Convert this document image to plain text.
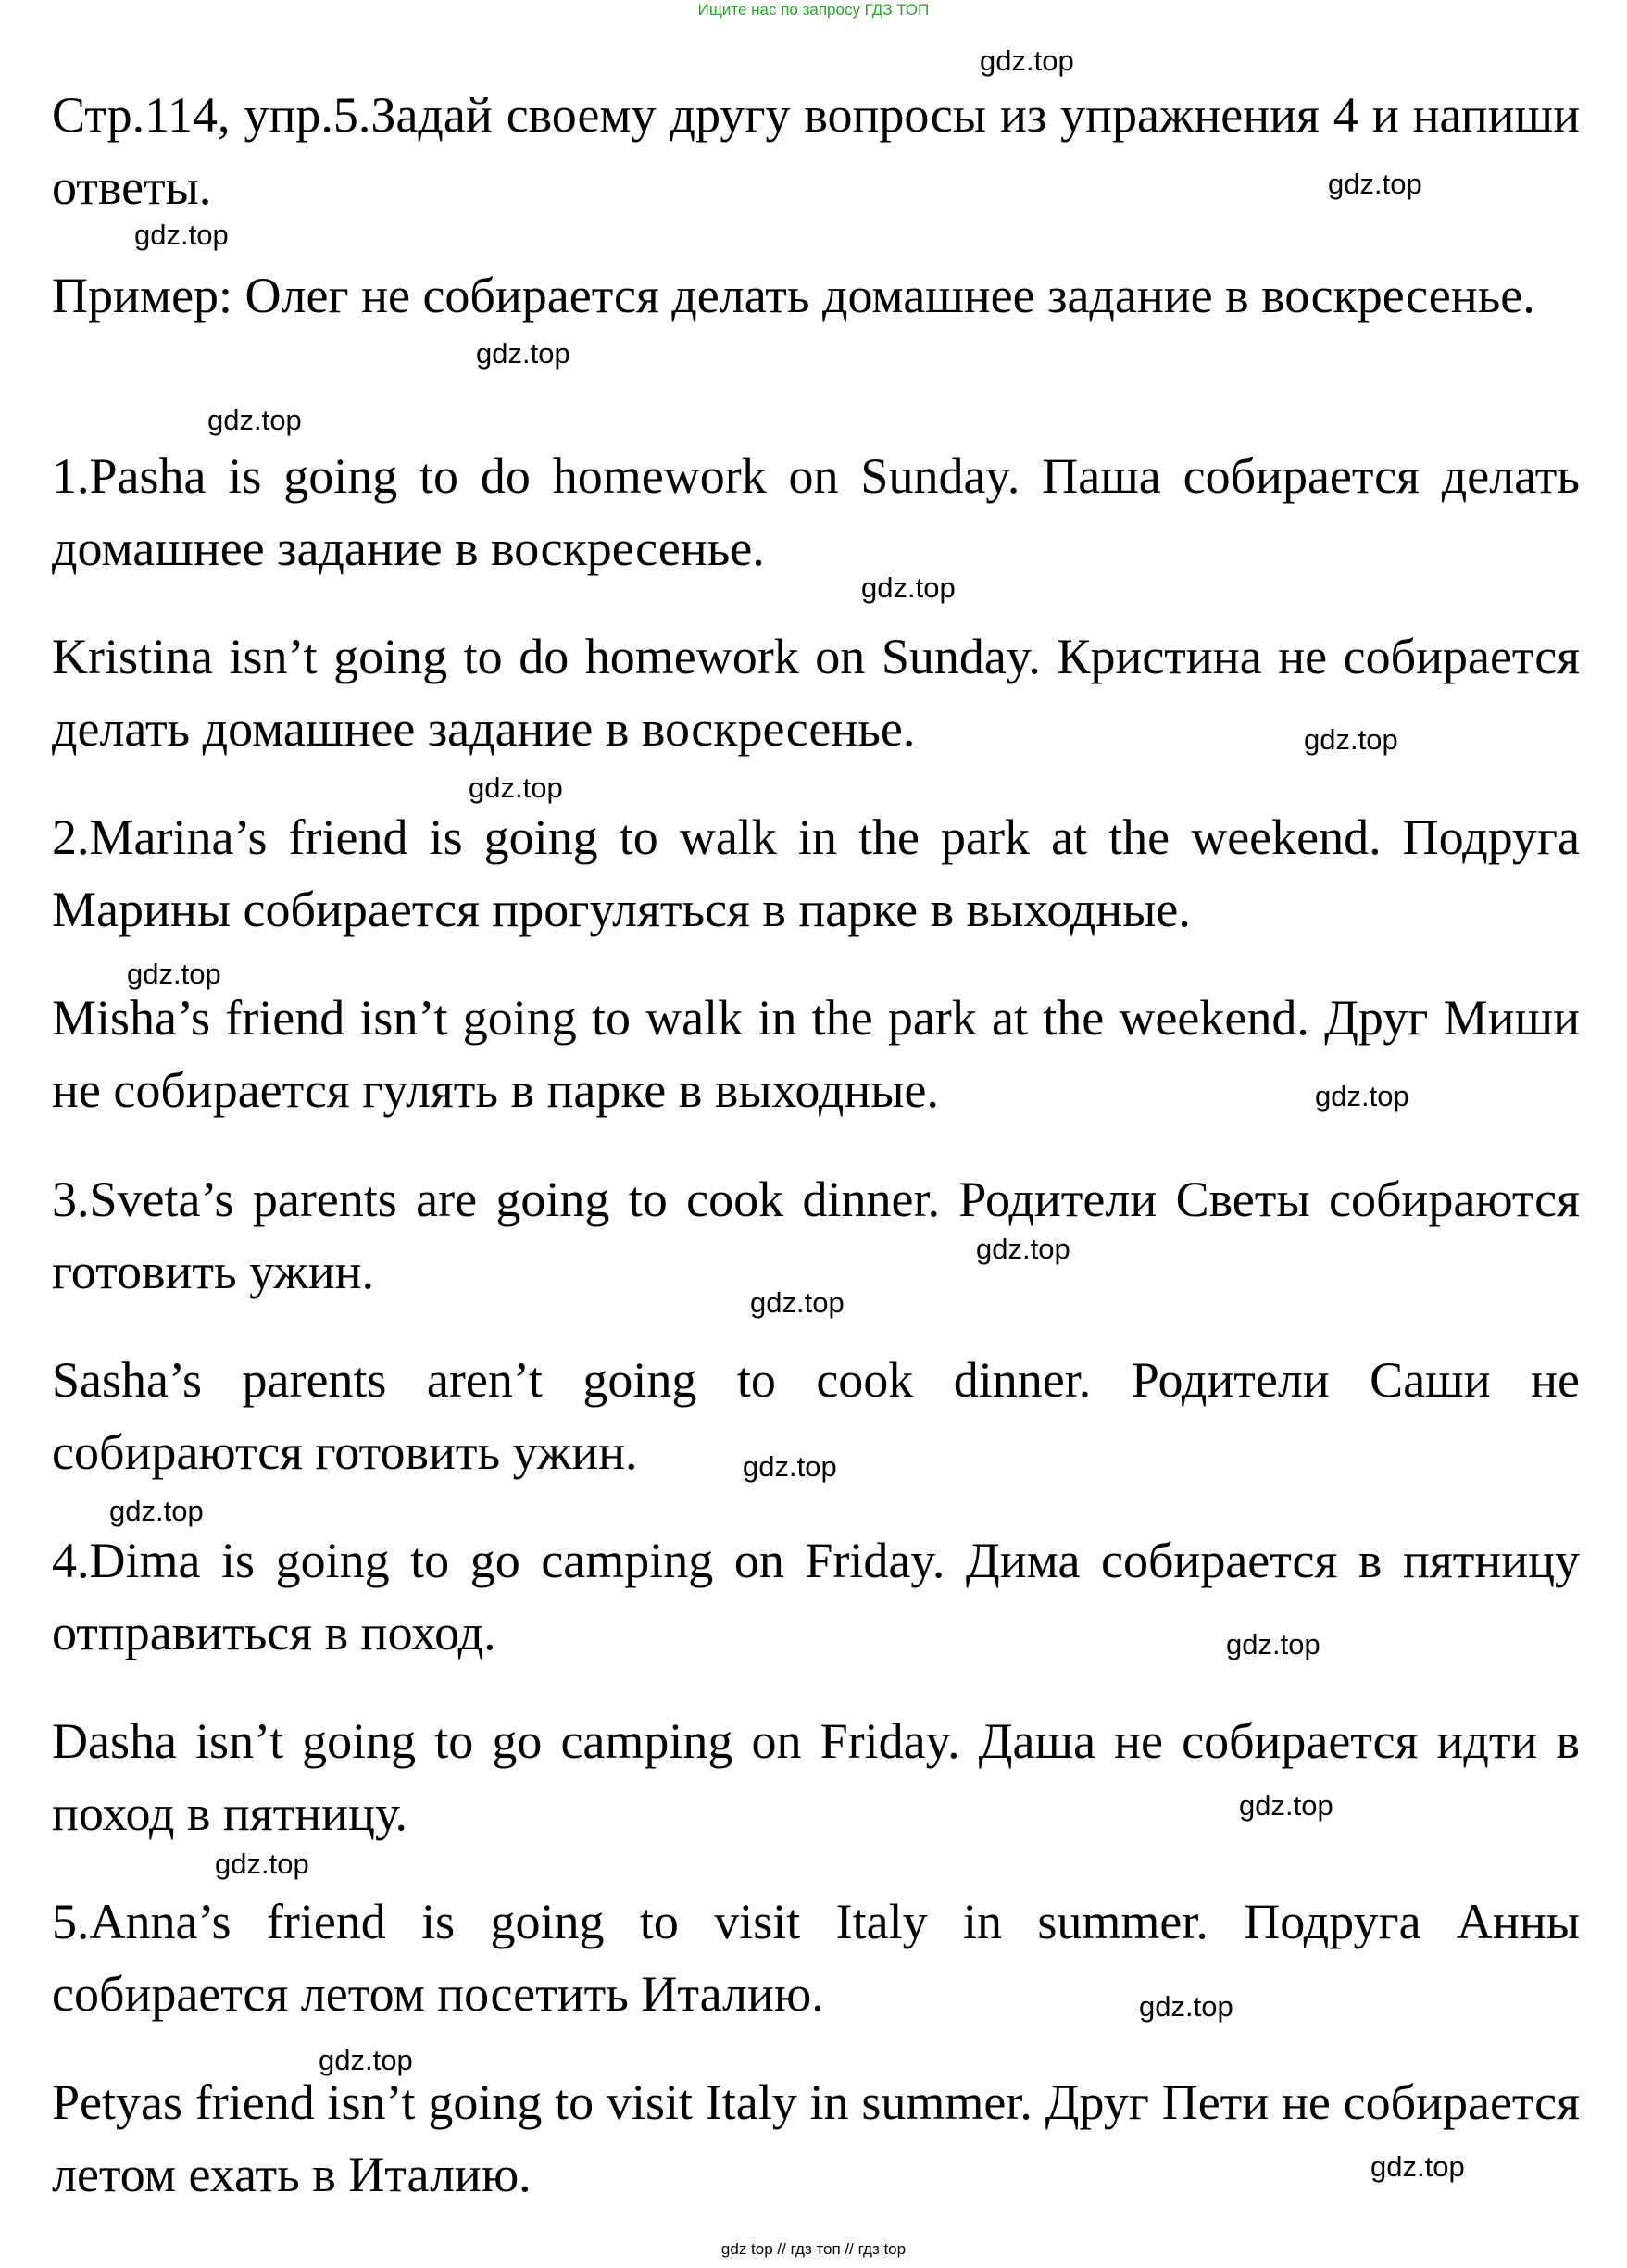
Ищите нас по запросу ГДЗ ТОП
gdz.top
gdz.top
gdz.top
gdz.top
gdz.top
gdz.top
gdz.top
gdz.top
gdz.top
gdz.top
gdz.top
gdz.top
gdz.top
gdz.top
gdz.top
gdz.top
gdz.top
gdz.top
gdz.top
gdz.top

Стр.114, упр.5.Задай своему другу вопросы из упражнения 4 и напиши ответы.

Пример: Олег не собирается делать домашнее задание в воскресенье.

1.Pasha is going to do homework on Sunday. Паша собирается делать домашнее задание в воскресенье.

Kristina isn’t going to do homework on Sunday. Кристина не собирается делать домашнее задание в воскресенье.

2.Marina’s friend is going to walk in the park at the weekend. Подруга Марины собирается прогуляться в парке в выходные.

Misha’s friend isn’t going to walk in the park at the weekend. Друг Миши не собирается гулять в парке в выходные.

3.Sveta’s parents are going to cook dinner. Родители Светы собираются готовить ужин.

Sasha’s parents aren’t going to cook dinner. Родители Саши не собираются готовить ужин.

4.Dima is going to go camping on Friday. Дима собирается в пятницу отправиться в поход.

Dasha isn’t going to go camping on Friday. Даша не собирается идти в поход в пятницу.

5.Anna’s friend is going to visit Italy in summer. Подруга Анны собирается летом посетить Италию.

Petyas friend isn’t going to visit Italy in summer. Друг Пети не собирается летом ехать в Италию.

gdz top // гдз топ // гдз top
